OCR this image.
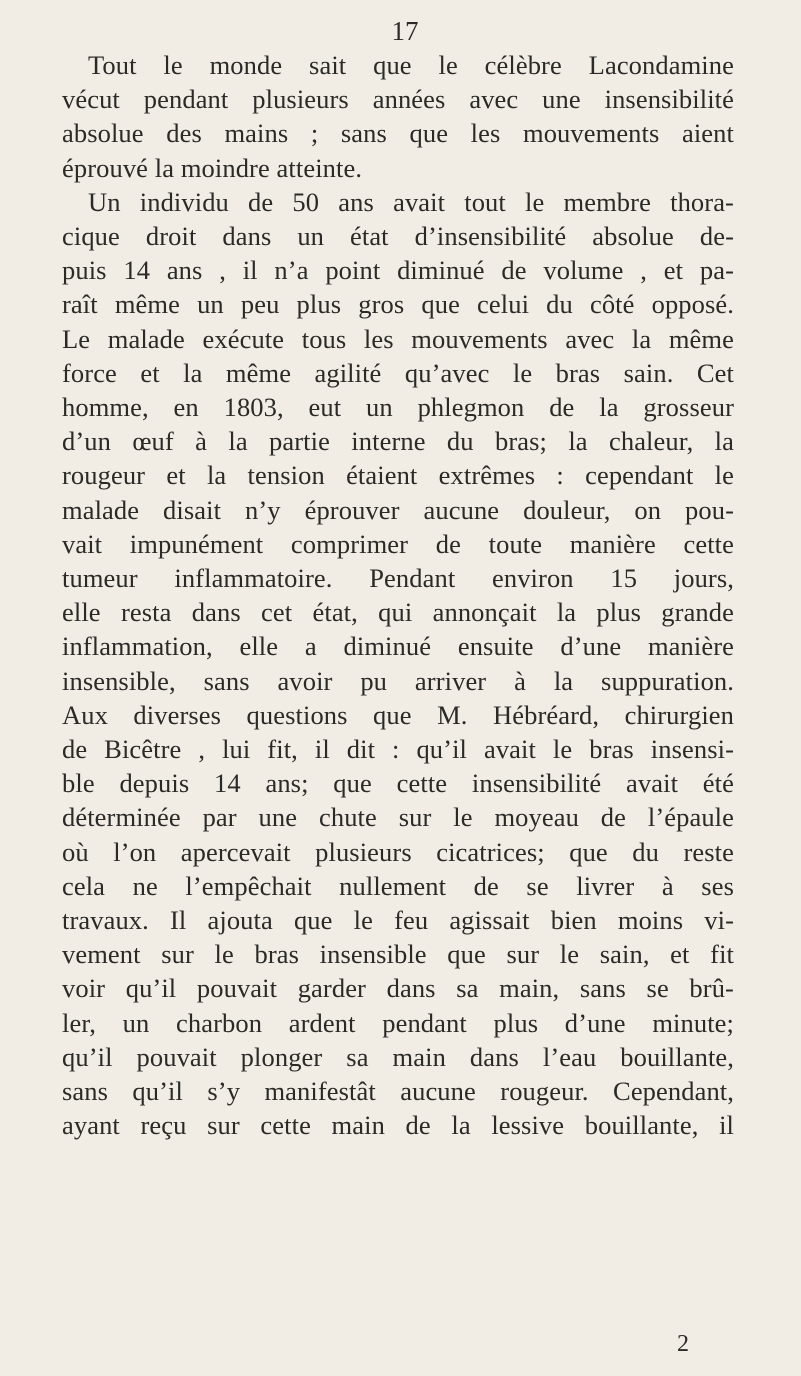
17
Tout le monde sait que le célèbre Lacondamine
vécut pendant plusieurs années avec une insensibilité
absolue des mains ; sans que les mouvements aient
éprouvé la moindre atteinte.
Un individu de 50 ans avait tout le membre thora-
cique droit dans un état d’insensibilité absolue de-
puis 14 ans , il n’a point diminué de volume , et pa-
raît même un peu plus gros que celui du côté opposé.
Le malade exécute tous les mouvements avec la même
force et la même agilité qu’avec le bras sain. Cet
homme, en 1803, eut un phlegmon de la grosseur
d’un œuf à la partie interne du bras; la chaleur, la
rougeur et la tension étaient extrêmes : cependant le
malade disait n’y éprouver aucune douleur, on pou-
vait impunément comprimer de toute manière cette
tumeur inflammatoire. Pendant environ 15 jours,
elle resta dans cet état, qui annonçait la plus grande
inflammation, elle a diminué ensuite d’une manière
insensible, sans avoir pu arriver à la suppuration.
Aux diverses questions que M. Hébréard, chirurgien
de Bicêtre , lui fit, il dit : qu’il avait le bras insensi-
ble depuis 14 ans; que cette insensibilité avait été
déterminée par une chute sur le moyeau de l’épaule
où l’on apercevait plusieurs cicatrices; que du reste
cela ne l’empêchait nullement de se livrer à ses
travaux. Il ajouta que le feu agissait bien moins vi-
vement sur le bras insensible que sur le sain, et fit
voir qu’il pouvait garder dans sa main, sans se brû-
ler, un charbon ardent pendant plus d’une minute;
qu’il pouvait plonger sa main dans l’eau bouillante,
sans qu’il s’y manifestât aucune rougeur. Cependant,
ayant reçu sur cette main de la lessive bouillante, il
2
